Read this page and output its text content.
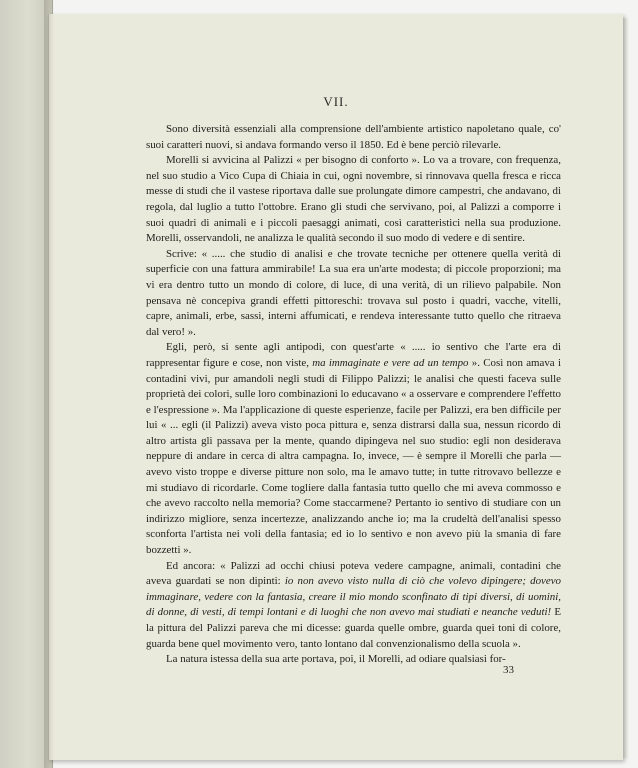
VII.

Sono diversità essenziali alla comprensione dell'ambiente artistico napoletano quale, co' suoi caratteri nuovi, si andava formando verso il 1850. Ed è bene perciò rilevarle.

Morelli si avvicina al Palizzi « per bisogno di conforto ». Lo va a trovare, con frequenza, nel suo studio a Vico Cupa di Chiaia in cui, ogni novembre, si rinnovava quella fresca e ricca messe di studi che il vastese riportava dalle sue prolungate dimore campestri, che andavano, di regola, dal luglio a tutto l'ottobre. Erano gli studi che servivano, poi, al Palizzi a comporre i suoi quadri di animali e i piccoli paesaggi animati, così caratteristici nella sua produzione. Morelli, osservandoli, ne analizza le qualità secondo il suo modo di vedere e di sentire.

Scrive: « ..... che studio di analisi e che trovate tecniche per ottenere quella verità di superficie con una fattura ammirabile! La sua era un'arte modesta; di piccole proporzioni; ma vi era dentro tutto un mondo di colore, di luce, di una verità, di un rilievo palpabile. Non pensava nè concepiva grandi effetti pittoreschi: trovava sul posto i quadri, vacche, vitelli, capre, animali, erbe, sassi, interni affumicati, e rendeva interessante tutto quello che ritraeva dal vero! ».

Egli, però, si sente agli antipodi, con quest'arte « ..... io sentivo che l'arte era di rappresentar figure e cose, non viste, ma immaginate e vere ad un tempo ». Così non amava i contadini vivi, pur amandoli negli studi di Filippo Palizzi; le analisi che questi faceva sulle proprietà dei colori, sulle loro combinazioni lo educavano « a osservare e comprendere l'effetto e l'espressione ». Ma l'applicazione di queste esperienze, facile per Palizzi, era ben difficile per lui « ... egli (il Palizzi) aveva visto poca pittura e, senza distrarsi dalla sua, nessun ricordo di altro artista gli passava per la mente, quando dipingeva nel suo studio: egli non desiderava neppure di andare in cerca di altra campagna. Io, invece, — è sempre il Morelli che parla — avevo visto troppe e diverse pitture non solo, ma le amavo tutte; in tutte ritrovavo bellezze e mi studiavo di ricordarle. Come togliere dalla fantasia tutto quello che mi aveva commosso e che avevo raccolto nella memoria? Come staccarmene? Pertanto io sentivo di studiare con un indirizzo migliore, senza incertezze, analizzando anche io; ma la crudeltà dell'analisi spesso sconforta l'artista nei voli della fantasia; ed io lo sentivo e non avevo più la smania di fare bozzetti ».

Ed ancora: « Palizzi ad occhi chiusi poteva vedere campagne, animali, contadini che aveva guardati se non dipinti: io non avevo visto nulla di ciò che volevo dipingere; dovevo immaginare, vedere con la fantasia, creare il mio mondo sconfinato di tipi diversi, di uomini, di donne, di vesti, di tempi lontani e di luoghi che non avevo mai studiati e neanche veduti! E la pittura del Palizzi pareva che mi dicesse: guarda quelle ombre, guarda quei toni di colore, guarda bene quel movimento vero, tanto lontano dal convenzionalismo della scuola ».

La natura istessa della sua arte portava, poi, il Morelli, ad odiare qualsiasi for-

33
